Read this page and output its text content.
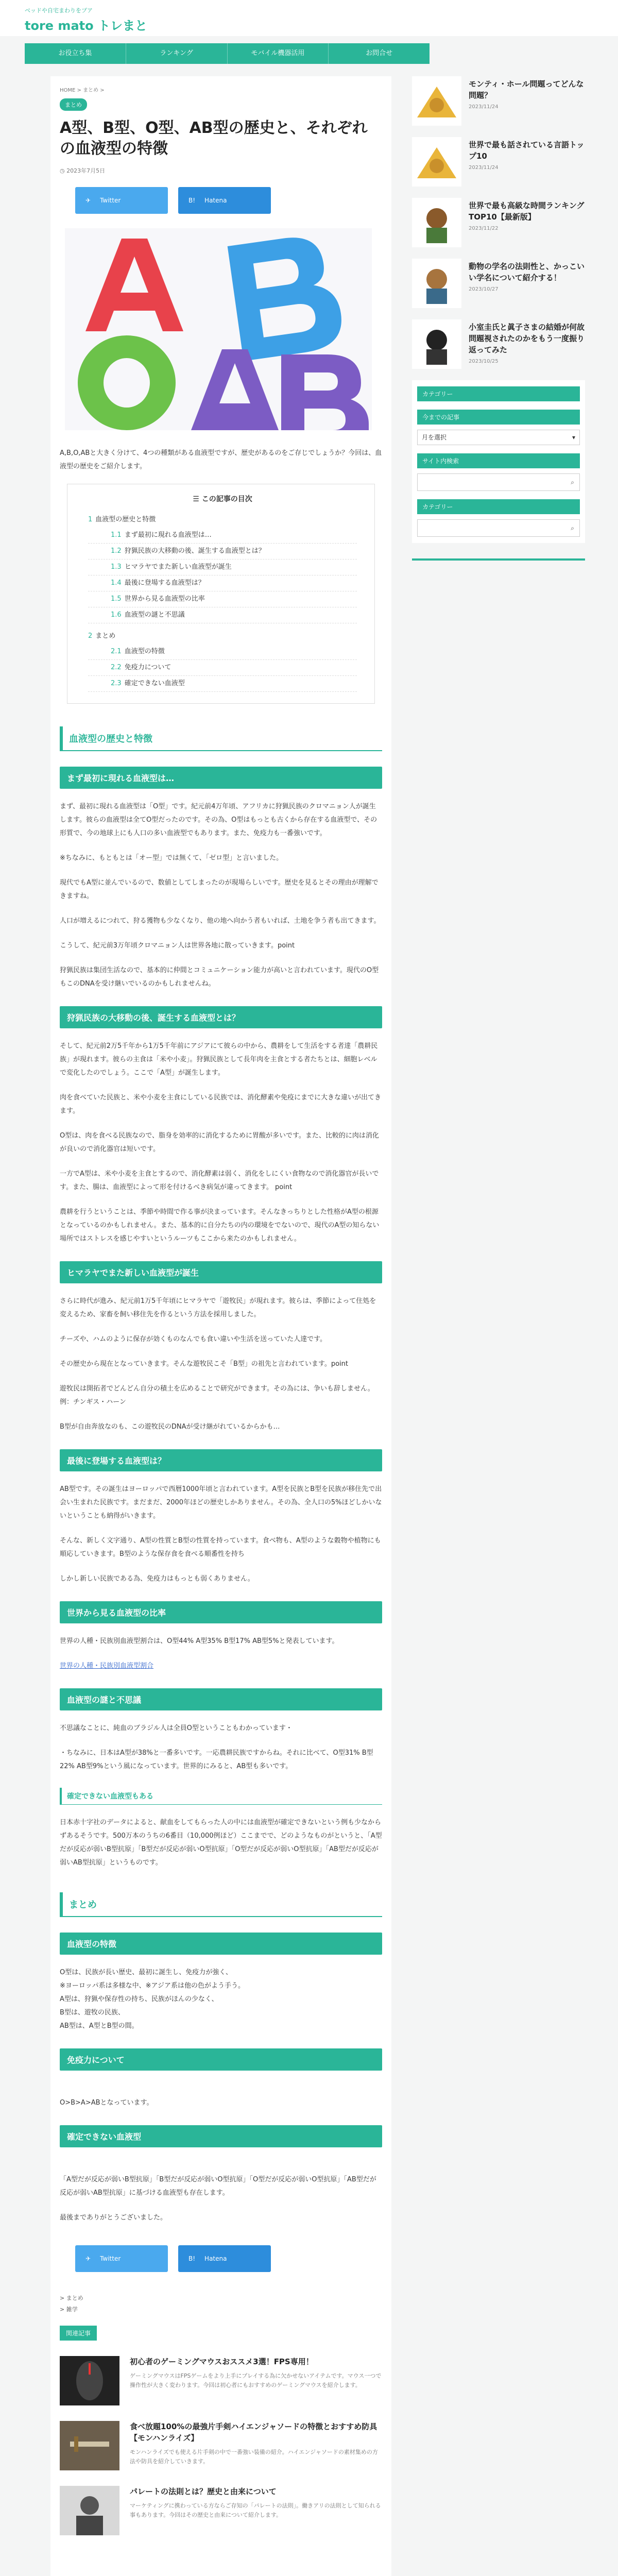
ベッドや自宅まわりをプア
tore mato トレまと
お役立ち集	ランキング	モバイル機器活用	お問合せ
HOME > まとめ >
まとめ
A型、B型、O型、AB型の歴史と、それぞれの血液型の特徴
◷ 2023年7月5日
✈ Twitter	B! Hatena

A,B,O,ABと大きく分けて、4つの種類がある血液型ですが、歴史があるのをご存じでしょうか？今回は、血液型の歴史をご紹介します。

☰ この記事の目次
1 血液型の歴史と特徴
1.1 まず最初に現れる血液型は…
1.2 狩猟民族の大移動の後、誕生する血液型とは？
1.3 ヒマラヤでまた新しい血液型が誕生
1.4 最後に登場する血液型は？
1.5 世界から見る血液型の比率
1.6 血液型の謎と不思議
2 まとめ
2.1 血液型の特徴
2.2 免疫力について
2.3 確定できない血液型
血液型の歴史と特徴
まず最初に現れる血液型は…

まず、最初に現れる血液型は「O型」です。紀元前4万年頃、アフリカに狩猟民族のクロマニョン人が誕生します。彼らの血液型は全てO型だったのです。その為、O型はもっとも古くから存在する血液型で、その形質で、今の地球上にも人口の多い血液型でもあります。また、免疫力も一番強いです。

※ちなみに、もともとは「オー型」では無くて、「ゼロ型」と言いました。

現代でもA型に並んでいるので、数値としてしまったのが現場らしいです。歴史を見るとその理由が理解できますね。

人口が増えるにつれて、狩る獲物も少なくなり、他の地へ向かう者もいれば、土地を争う者も出てきます。

こうして、紀元前3万年頃クロマニョン人は世界各地に散っていきます。point

狩猟民族は集団生活なので、基本的に仲間とコミュニケーション能力が高いと言われています。現代のO型もこのDNAを受け継いでいるのかもしれませんね。

狩猟民族の大移動の後、誕生する血液型とは？

そして、紀元前2万5千年から1万5千年前にアジアにて彼らの中から、農耕をして生活をする者達「農耕民族」が現れます。彼らの主食は「米や小麦」。狩猟民族として長年肉を主食とする者たちとは、細胞レベルで変化したのでしょう。ここで「A型」が誕生します。

肉を食べていた民族と、米や小麦を主食にしている民族では、消化酵素や免疫にまでに大きな違いが出てきます。

O型は、肉を食べる民族なので、脂身を効率的に消化するために胃酸が多いです。また、比較的に肉は消化が良いので消化器官は短いです。

一方でA型は、米や小麦を主食とするので、消化酵素は弱く、消化をしにくい食物なので消化器官が長いです。また、腸は、血液型によって形を付けるべき病気が違ってきます。 point

農耕を行うということは、季節や時間で作る事が決まっています。そんなきっちりとした性格がA型の根源となっているのかもしれません。また、基本的に自分たちの内の環境をでないので、現代のA型の知らない場所ではストレスを感じやすいというルーツもここから来たのかもしれません。

ヒマラヤでまた新しい血液型が誕生

さらに時代が進み、紀元前1万5千年頃にヒマラヤで「遊牧民」が現れます。彼らは、季節によって住処を変えるため、家畜を飼い移住先を作るという方法を採用しました。

チーズや、ハムのように保存が効くものなんでも食い違いや生活を送っていた人達です。

その歴史から現在となっていきます。そんな遊牧民こそ「B型」の祖先と言われています。point

遊牧民は開拓者でどんどん自分の積土を広めることで研究ができます。その為には、争いも辞しません。例：チンギス・ハーン

B型が自由奔放なのも、この遊牧民のDNAが受け継がれているからかも…

最後に登場する血液型は？

AB型です。その誕生はヨーロッパで西暦1000年頃と言われています。A型を民族とB型を民族が移住先で出会い生まれた民族です。まだまだ、2000年ほどの歴史しかありません。その為、全人口の5%ほどしかいないということも納得がいきます。

そんな、新しく文字通り、A型の性質とB型の性質を持っています。食べ物も、A型のような穀物や植物にも順応していきます。B型のような保存食を食べる順番性を持ち

しかし新しい民族である為、免疫力はもっとも弱くありません。

世界から見る血液型の比率

世界の人種・民族別血液型割合は、O型44% A型35% B型17% AB型5%と発表しています。

世界の人種・民族別血液型割合

血液型の謎と不思議

不思議なことに、純血のブラジル人は全員O型ということもわかっています・

・ちなみに、日本はA型が38%と一番多いです。一応農耕民族ですからね。それに比べて、O型31% B型22% AB型9%という風になっています。世界的にみると、AB型も多いです。

確定できない血液型もある

日本赤十字社のデータによると、献血をしてもらった人の中には血液型が確定できないという例も少なからずあるそうです。500万本のうちの6番目（10,000例ほど）ここまでで、どのようなものがというと、「A型だが反応が弱いB型抗原」「B型だが反応が弱いO型抗原」「O型だが反応が弱いO型抗原」「AB型だが反応が弱いAB型抗原」というものです。

まとめ
血液型の特徴

O型は、民族が長い歴史、最初に誕生し、免疫力が強く、

※ヨーロッパ系は多様な中、※アジア系は他の色がよう手う。

A型は、狩猟や保存性の持ち、民族がほんの少なく、

B型は、遊牧の民族、

AB型は、A型とB型の間。

免疫力について

O>B>A>ABとなっています。

確定できない血液型

「A型だが反応が弱いB型抗原」「B型だが反応が弱いO型抗原」「O型だが反応が弱いO型抗原」「AB型だが反応が弱いAB型抗原」に基づける血液型も存在します。

最後までありがとうございました。

✈ Twitter	B! Hatena
> まとめ
> 雑学
関連記事
初心者のゲーミングマウスおススメ3選！FPS専用！
ゲーミングマウスはFPSゲームをより上手にプレイする為に欠かせないアイテムです。マウス一つで操作性が大きく変わります。今回は初心者にもおすすめのゲーミングマウスを紹介します。
食べ放題100%の最強片手剣ハイエンジャソードの特徴とおすすめ防具【モンハンライズ】
モンハンライズでも使える片手剣の中で一番強い装備の紹介。ハイエンジャソードの素材集めの方法や防具を紹介していきます。
パレートの法則とは？歴史と由来について
マーケティングに携わっている方ならご存知の「パレートの法則」。働きアリの法則として知られる事もあります。今回はその歴史と由来について紹介します。
モンティ・ホール問題ってどんな問題？
2023/11/24
世界で最も話されている言語トップ10
2023/11/24
世界で最も高級な時間ランキングTOP10【最新版】
2023/11/22
動物の学名の法則性と、かっこいい学名について紹介する！
2023/10/27
小室圭氏と眞子さまの結婚が何故問題視されたのかをもう一度振り返ってみた
2023/10/25
カテゴリー
今までの記事
月を選択	▾
サイト内検索
⌕
カテゴリー
⌕
